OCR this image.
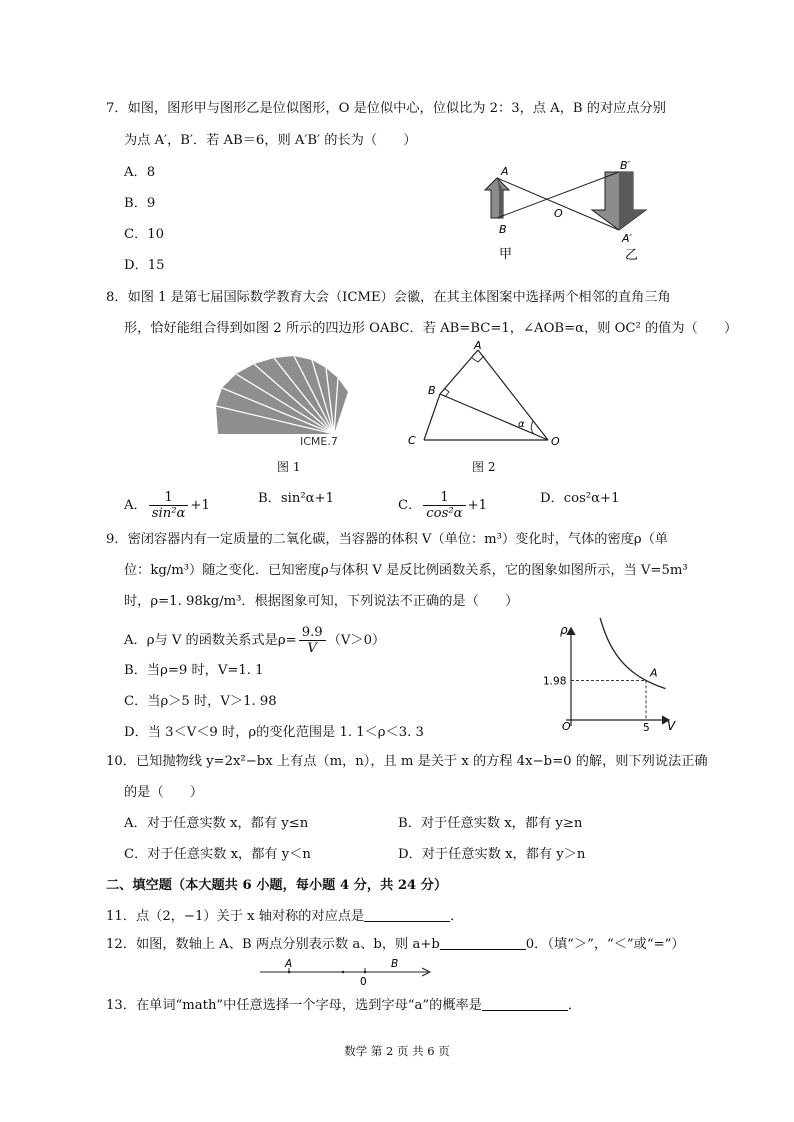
7．如图，图形甲与图形乙是位似图形，O 是位似中心，位似比为 2：3，点 A，B 的对应点分别
为点 A′，B′．若 AB＝6，则 A′B′ 的长为（　　）
A．8
B．9
C．10
D．15
A
B
O
B′
A′
甲	乙
8．如图 1 是第七届国际数学教育大会（ICME）会徽，在其主体图案中选择两个相邻的直角三角
形，恰好能组合得到如图 2 所示的四边形 OABC．若 AB=BC=1，∠AOB=α，则 OC² 的值为（　　）
ICME.7
图 1
A
B
C	O
α
图 2
A． $\frac{1}{\text{sin²α}} +1$	B．sin²α+1	C． $\frac{1}{\text{cos²α}} +1$	D．cos²α+1
9．密闭容器内有一定质量的二氧化碳，当容器的体积 V（单位：m³）变化时，气体的密度ρ（单
位：kg/m³）随之变化．已知密度ρ与体积 V 是反比例函数关系，它的图象如图所示，当 V=5m³
时，ρ=1. 98kg/m³．根据图象可知，下列说法不正确的是（　　）
A．ρ与 V 的函数关系式是$\rho= \frac{9.9}{V} (V>0)$
B．当ρ=9 时，V=1. 1
C．当ρ＞5 时，V＞1. 98
D．当 3＜V＜9 时，ρ的变化范围是 1. 1＜ρ＜3. 3
ρ
V
O
1.98
5
A
10．已知抛物线 y=2x²−bx 上有点（m，n），且 m 是关于 x 的方程 4x−b=0 的解，则下列说法正确
的是（　　）
A．对于任意实数 x，都有 y≤n	B．对于任意实数 x，都有 y≥n
C．对于任意实数 x，都有 y＜n	D．对于任意实数 x，都有 y＞n
二、填空题（本大题共 6 小题，每小题 4 分，共 24 分）
11．点（2，−1）关于 x 轴对称的对应点是	．
12．如图，数轴上 A、B 两点分别表示数 a、b，则 a+b	0．（填“＞”，“＜”或“=”）
A	B
0
13．在单词“math”中任意选择一个字母，选到字母“a”的概率是	．
数学 第 2 页 共 6 页
